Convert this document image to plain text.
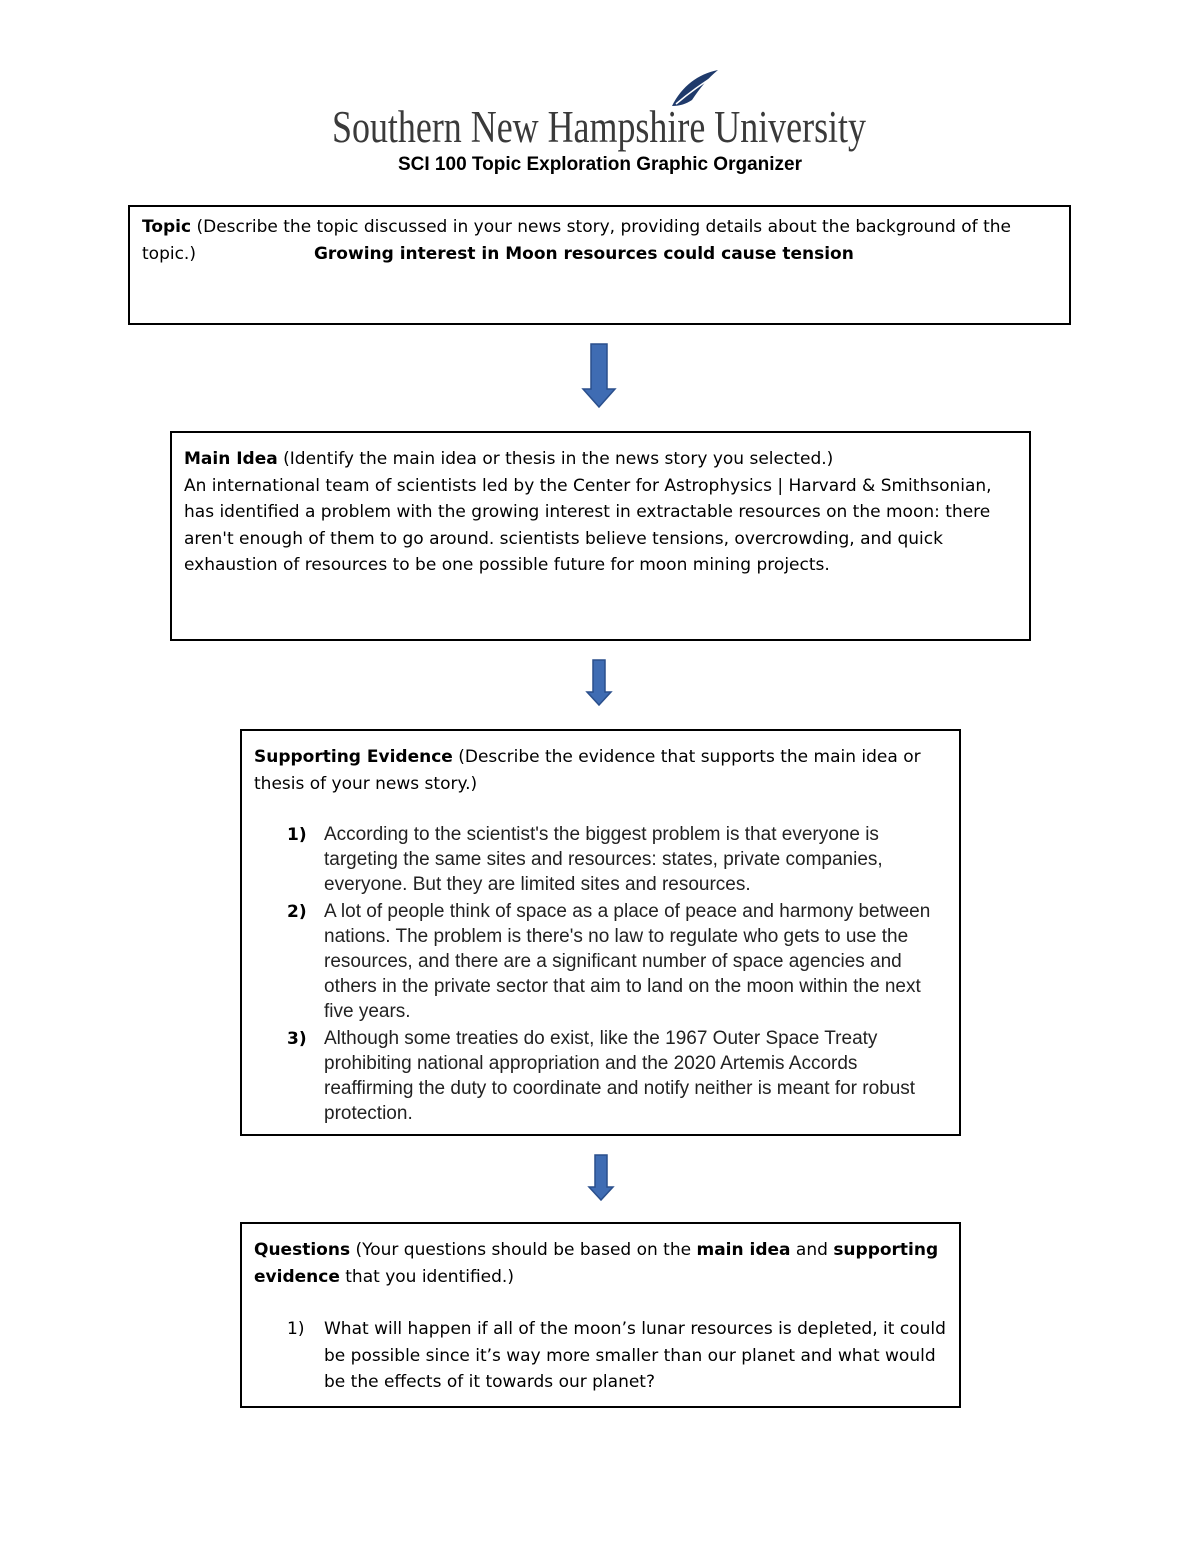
Southern New Hampshire University
SCI 100 Topic Exploration Graphic Organizer
Topic (Describe the topic discussed in your news story, providing details about the background of the
topic.)	Growing interest in Moon resources could cause tension
Main Idea (Identify the main idea or thesis in the news story you selected.)
An international team of scientists led by the Center for Astrophysics | Harvard & Smithsonian, has identified a problem with the growing interest in extractable resources on the moon: there aren't enough of them to go around. scientists believe tensions, overcrowding, and quick exhaustion of resources to be one possible future for moon mining projects.
Supporting Evidence (Describe the evidence that supports the main idea or thesis of your news story.)
1) According to the scientist's the biggest problem is that everyone is targeting the same sites and resources: states, private companies, everyone. But they are limited sites and resources.
2) A lot of people think of space as a place of peace and harmony between nations. The problem is there's no law to regulate who gets to use the resources, and there are a significant number of space agencies and others in the private sector that aim to land on the moon within the next five years.
3) Although some treaties do exist, like the 1967 Outer Space Treaty prohibiting national appropriation and the 2020 Artemis Accords reaffirming the duty to coordinate and notify neither is meant for robust protection.
Questions (Your questions should be based on the main idea and supporting evidence that you identified.)
1) What will happen if all of the moon’s lunar resources is depleted, it could be possible since it’s way more smaller than our planet and what would be the effects of it towards our planet?
